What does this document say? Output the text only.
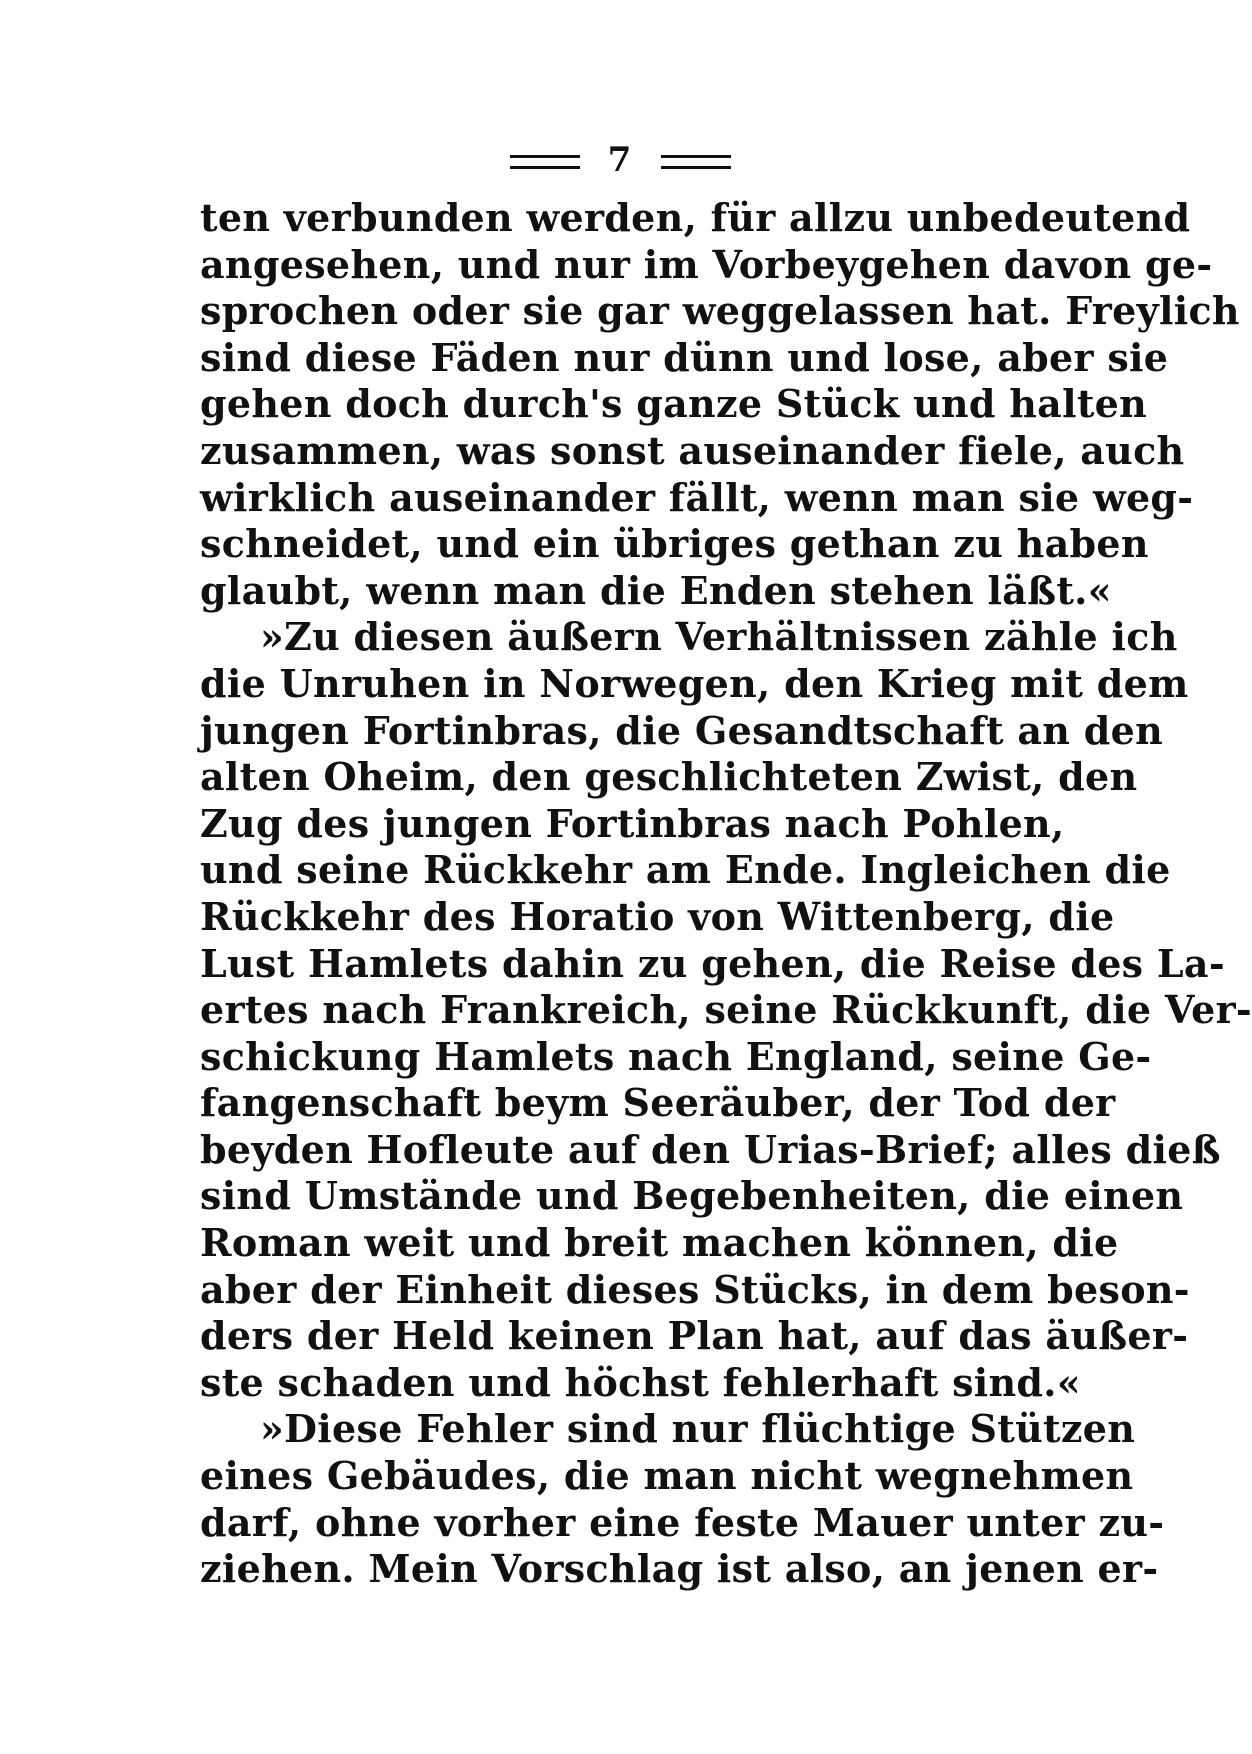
7
ten verbunden werden, für allzu unbedeutend
angesehen, und nur im Vorbeygehen davon ge-
sprochen oder sie gar weggelassen hat. Freylich
sind diese Fäden nur dünn und lose, aber sie
gehen doch durch's ganze Stück und halten
zusammen, was sonst auseinander fiele, auch
wirklich auseinander fällt, wenn man sie weg-
schneidet, und ein übriges gethan zu haben
glaubt, wenn man die Enden stehen läßt.«
»Zu diesen äußern Verhältnissen zähle ich
die Unruhen in Norwegen, den Krieg mit dem
jungen Fortinbras, die Gesandtschaft an den
alten Oheim, den geschlichteten Zwist, den
Zug des jungen Fortinbras nach Pohlen,
und seine Rückkehr am Ende. Ingleichen die
Rückkehr des Horatio von Wittenberg, die
Lust Hamlets dahin zu gehen, die Reise des La-
ertes nach Frankreich, seine Rückkunft, die Ver-
schickung Hamlets nach England, seine Ge-
fangenschaft beym Seeräuber, der Tod der
beyden Hofleute auf den Urias-Brief; alles dieß
sind Umstände und Begebenheiten, die einen
Roman weit und breit machen können, die
aber der Einheit dieses Stücks, in dem beson-
ders der Held keinen Plan hat, auf das äußer-
ste schaden und höchst fehlerhaft sind.«
»Diese Fehler sind nur flüchtige Stützen
eines Gebäudes, die man nicht wegnehmen
darf, ohne vorher eine feste Mauer unter zu-
ziehen. Mein Vorschlag ist also, an jenen er-
